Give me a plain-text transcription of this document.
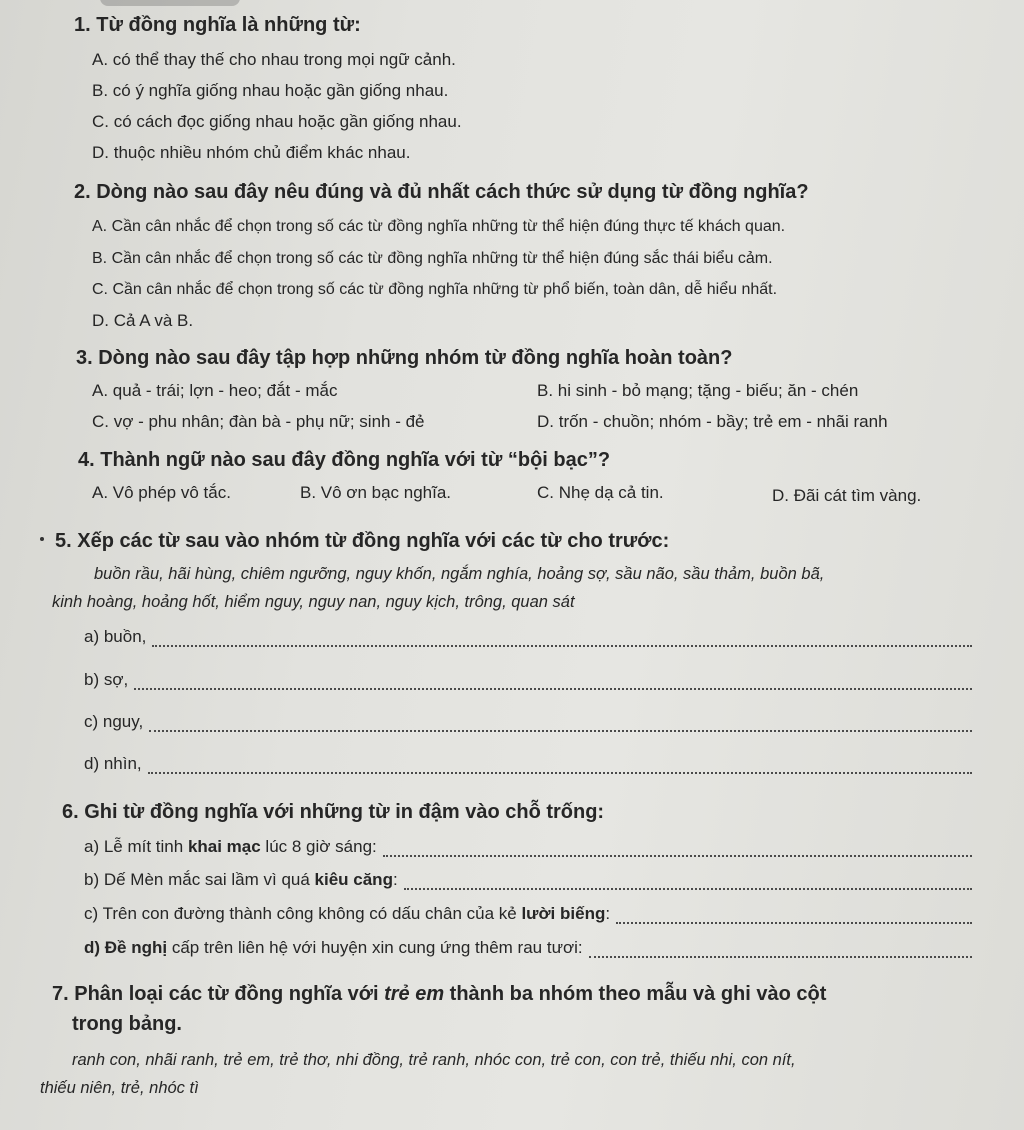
1. Từ đồng nghĩa là những từ:
A. có thể thay thế cho nhau trong mọi ngữ cảnh.
B. có ý nghĩa giống nhau hoặc gần giống nhau.
C. có cách đọc giống nhau hoặc gần giống nhau.
D. thuộc nhiều nhóm chủ điểm khác nhau.
2. Dòng nào sau đây nêu đúng và đủ nhất cách thức sử dụng từ đồng nghĩa?
A. Cần cân nhắc để chọn trong số các từ đồng nghĩa những từ thể hiện đúng thực tế khách quan.
B. Cần cân nhắc để chọn trong số các từ đồng nghĩa những từ thể hiện đúng sắc thái biểu cảm.
C. Cần cân nhắc để chọn trong số các từ đồng nghĩa những từ phổ biến, toàn dân, dễ hiểu nhất.
D. Cả A và B.
3. Dòng nào sau đây tập hợp những nhóm từ đồng nghĩa hoàn toàn?
A. quả - trái; lợn - heo; đắt - mắc	B. hi sinh - bỏ mạng; tặng - biếu; ăn - chén
C. vợ - phu nhân; đàn bà - phụ nữ; sinh - đẻ	D. trốn - chuồn; nhóm - bầy; trẻ em - nhãi ranh
4. Thành ngữ nào sau đây đồng nghĩa với từ “bội bạc”?
A. Vô phép vô tắc.	B. Vô ơn bạc nghĩa.	C. Nhẹ dạ cả tin.	D. Đãi cát tìm vàng.
5. Xếp các từ sau vào nhóm từ đồng nghĩa với các từ cho trước:
buồn rầu, hãi hùng, chiêm ngưỡng, nguy khốn, ngắm nghía, hoảng sợ, sầu não, sầu thảm, buồn bã,
kinh hoàng, hoảng hốt, hiểm nguy, nguy nan, nguy kịch, trông, quan sát
a) buồn,
b) sợ,
c) nguy,
d) nhìn,
6. Ghi từ đồng nghĩa với những từ in đậm vào chỗ trống:
a) Lễ mít tinh khai mạc lúc 8 giờ sáng:
b) Dế Mèn mắc sai lầm vì quá kiêu căng:
c) Trên con đường thành công không có dấu chân của kẻ lười biếng:
d) Đề nghị cấp trên liên hệ với huyện xin cung ứng thêm rau tươi:
7. Phân loại các từ đồng nghĩa với trẻ em thành ba nhóm theo mẫu và ghi vào cột
trong bảng.
ranh con, nhãi ranh, trẻ em, trẻ thơ, nhi đồng, trẻ ranh, nhóc con, trẻ con, con trẻ, thiếu nhi, con nít,
thiếu niên, trẻ, nhóc tì
